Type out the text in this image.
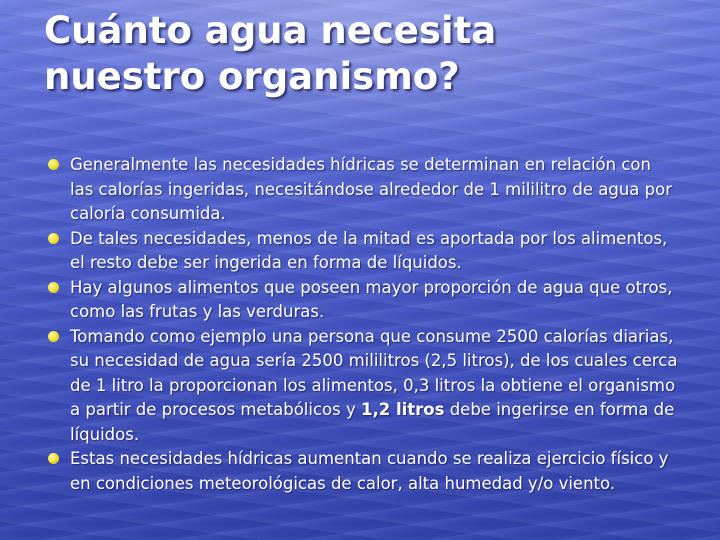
Cuánto agua necesita
nuestro organismo?
Generalmente las necesidades hídricas se determinan en relación con las calorías ingeridas, necesitándose alrededor de 1 mililitro de agua por caloría consumida.
De tales necesidades, menos de la mitad es aportada por los alimentos, el resto debe ser ingerida en forma de líquidos.
Hay algunos alimentos que poseen mayor proporción de agua que otros, como las frutas y las verduras.
Tomando como ejemplo una persona que consume 2500 calorías diarias, su necesidad de agua sería 2500 mililitros (2,5 litros), de los cuales cerca de 1 litro la proporcionan los alimentos, 0,3 litros la obtiene el organismo a partir de procesos metabólicos y 1,2 litros debe ingerirse en forma de líquidos.
Estas necesidades hídricas aumentan cuando se realiza ejercicio físico y en condiciones meteorológicas de calor, alta humedad y/o viento.
